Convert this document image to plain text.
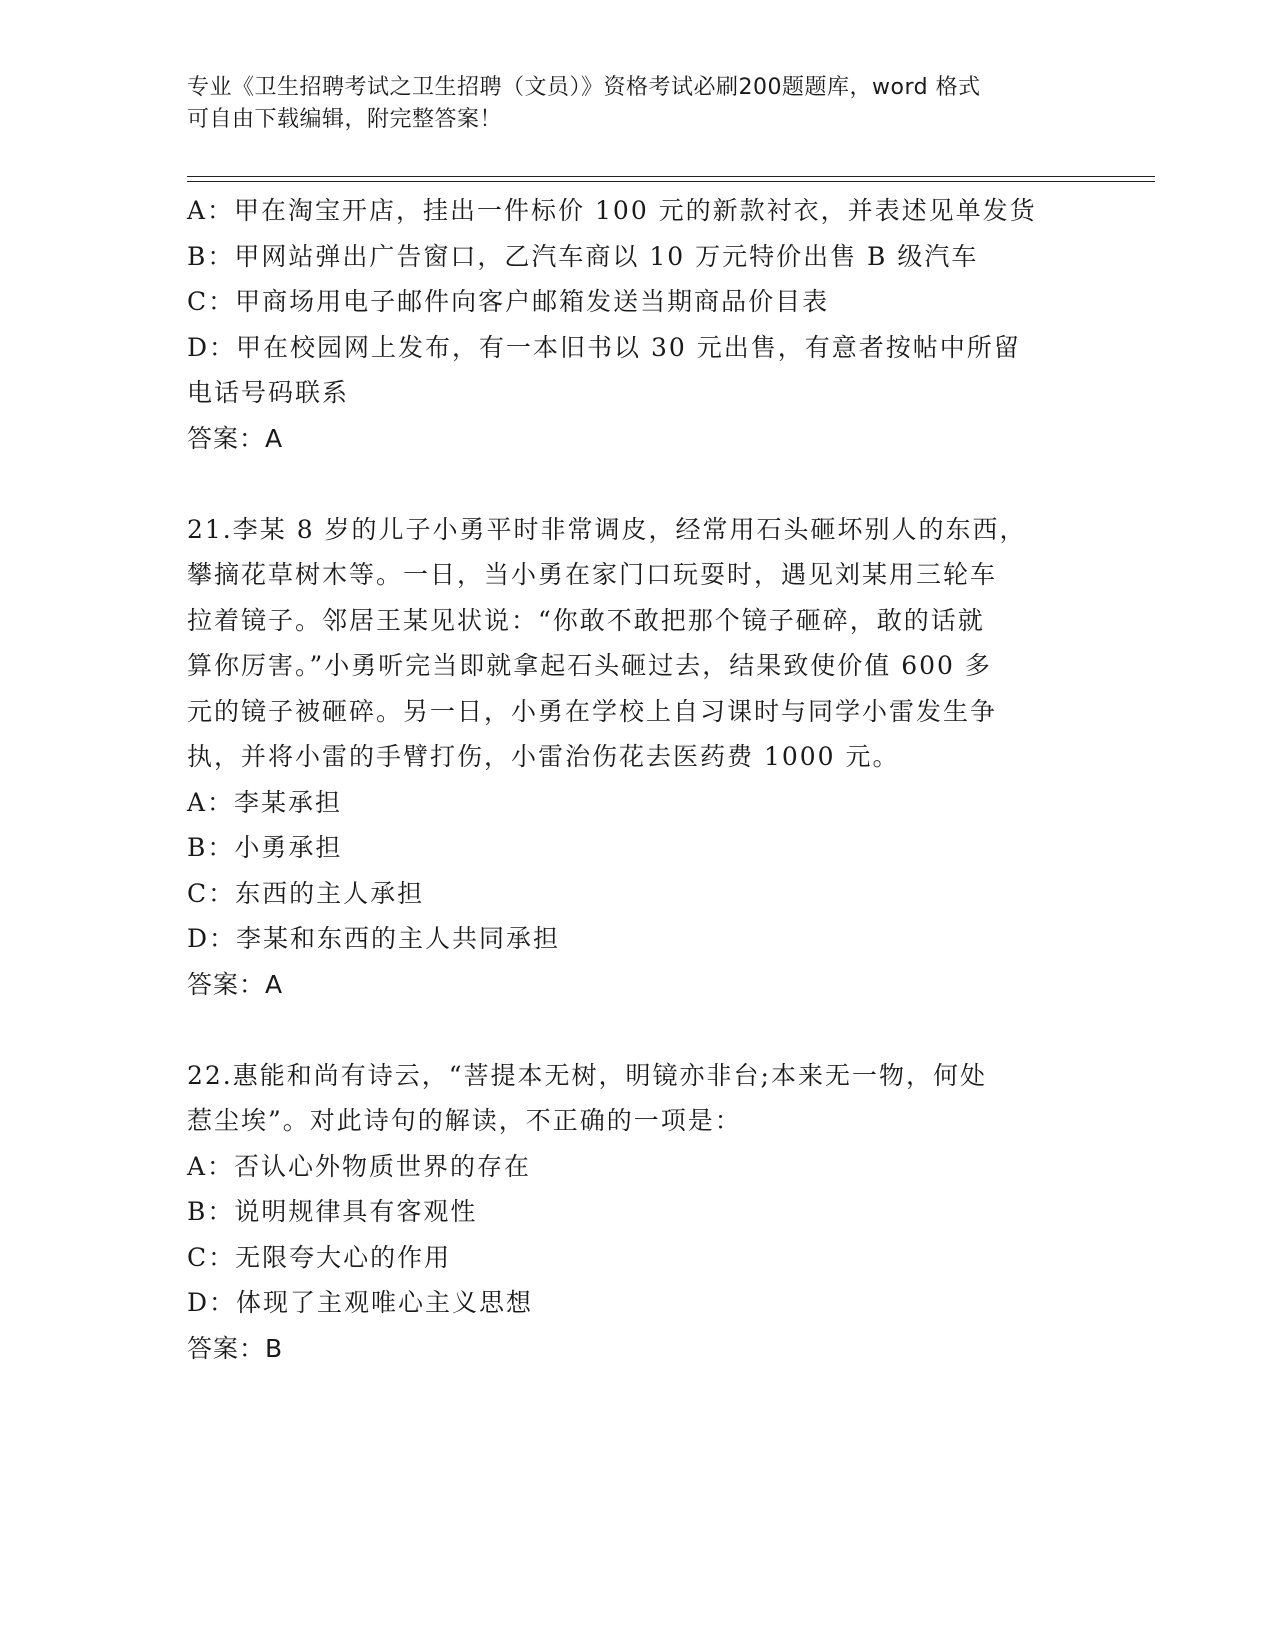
专业《卫生招聘考试之卫生招聘（文员）》资格考试必刷200题题库，word 格式
可自由下载编辑，附完整答案！

A：甲在淘宝开店，挂出一件标价 100 元的新款衬衣，并表述见单发货

B：甲网站弹出广告窗口，乙汽车商以 10 万元特价出售 B 级汽车

C：甲商场用电子邮件向客户邮箱发送当期商品价目表

D：甲在校园网上发布，有一本旧书以 30 元出售，有意者按帖中所留

电话号码联系

答案：A

21.李某 8 岁的儿子小勇平时非常调皮，经常用石头砸坏别人的东西，

攀摘花草树木等。一日，当小勇在家门口玩耍时，遇见刘某用三轮车

拉着镜子。邻居王某见状说：“你敢不敢把那个镜子砸碎，敢的话就

算你厉害。”小勇听完当即就拿起石头砸过去，结果致使价值 600 多

元的镜子被砸碎。另一日，小勇在学校上自习课时与同学小雷发生争

执，并将小雷的手臂打伤，小雷治伤花去医药费 1000 元。

A：李某承担

B：小勇承担

C：东西的主人承担

D：李某和东西的主人共同承担

答案：A

22.惠能和尚有诗云，“菩提本无树，明镜亦非台;本来无一物，何处

惹尘埃”。对此诗句的解读，不正确的一项是：

A：否认心外物质世界的存在

B：说明规律具有客观性

C：无限夸大心的作用

D：体现了主观唯心主义思想

答案：B
